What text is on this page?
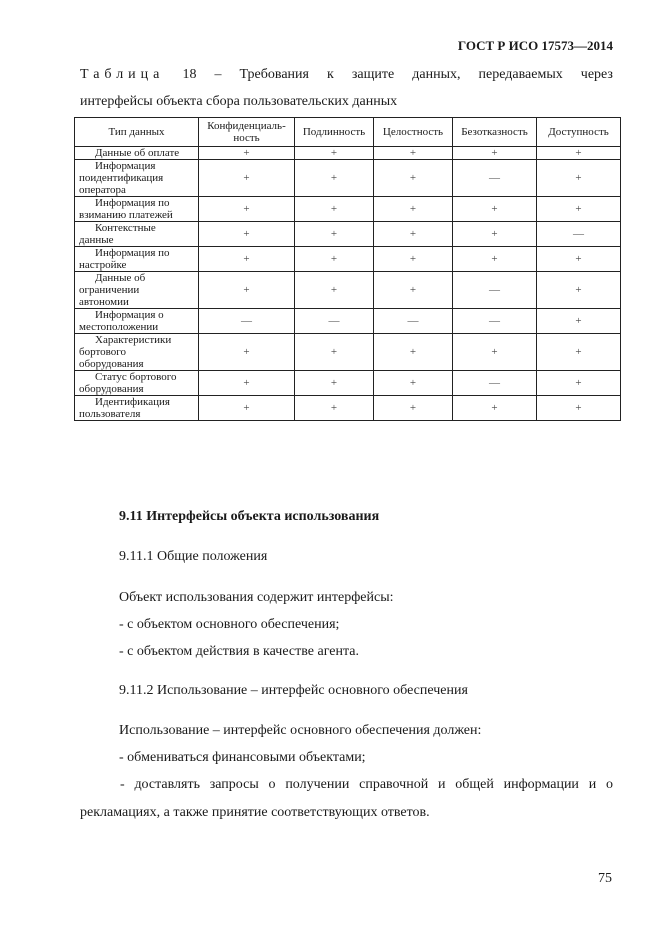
ГОСТ Р ИСО 17573—2014
Таблица 18 – Требования к защите данных, передаваемых через
интерфейсы объекта сбора пользовательских данных
Тип данных	Конфиденциаль-ность	Подлинность	Целостность	Безотказность	Доступность

Данные об оплате	+	+	+	+	+

Информация
поидентификация
оператора	+	+	+	—	+

Информация по
взиманию платежей	+	+	+	+	+

Контекстные
данные	+	+	+	+	—

Информация по
настройке	+	+	+	+	+

Данные об
ограничении
автономии	+	+	+	—	+

Информация о
местоположении	—	—	—	—	+

Характеристики
бортового
оборудования	+	+	+	+	+

Статус бортового
оборудования	+	+	+	—	+

Идентификация
пользователя	+	+	+	+	+
9.11 Интерфейсы объекта использования
9.11.1 Общие положения
Объект использования содержит интерфейсы:
- с объектом основного обеспечения;
- с объектом действия в качестве агента.
9.11.2 Использование – интерфейс основного обеспечения
Использование – интерфейс основного обеспечения должен:
- обмениваться финансовыми объектами;
- доставлять запросы о получении справочной и общей информации и о
рекламациях, а также принятие соответствующих ответов.
75
